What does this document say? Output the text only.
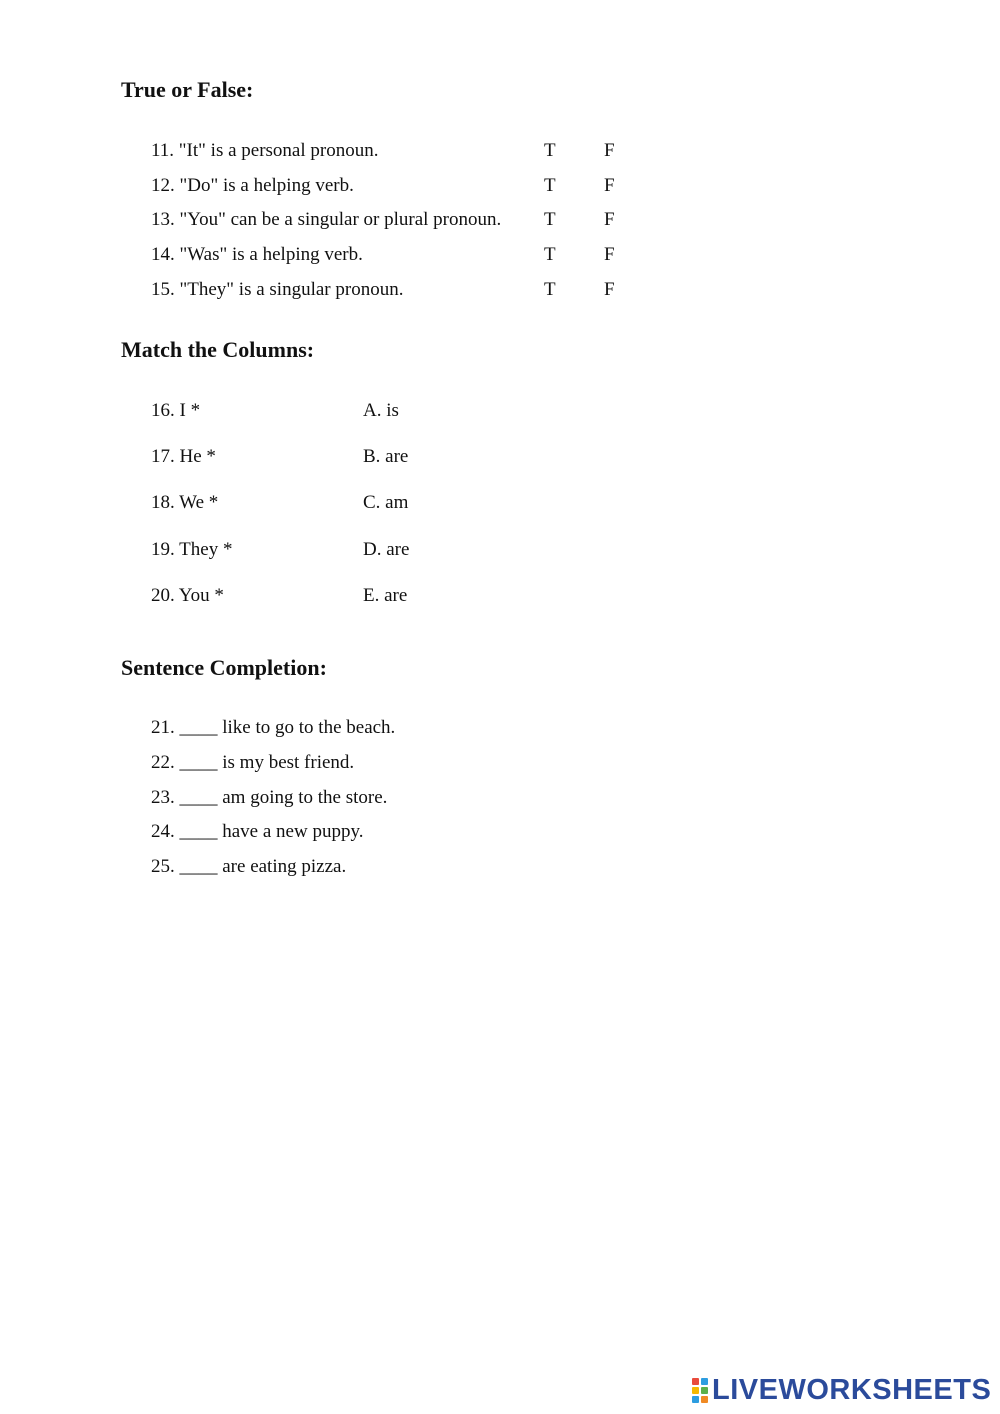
True or False:
11. "It" is a personal pronoun.	T	F
12. "Do" is a helping verb.	T	F
13. "You" can be a singular or plural pronoun. T	F
14. "Was" is a helping verb.	T	F
15. "They" is a singular pronoun.	T	F
Match the Columns:
16. I *	A. is
17. He *	B. are
18. We *	C. am
19. They *	D. are
20. You *	E. are
Sentence Completion:
21. ____ like to go to the beach.
22. ____ is my best friend.
23. ____ am going to the store.
24. ____ have a new puppy.
25. ____ are eating pizza.
LIVEWORKSHEETS
